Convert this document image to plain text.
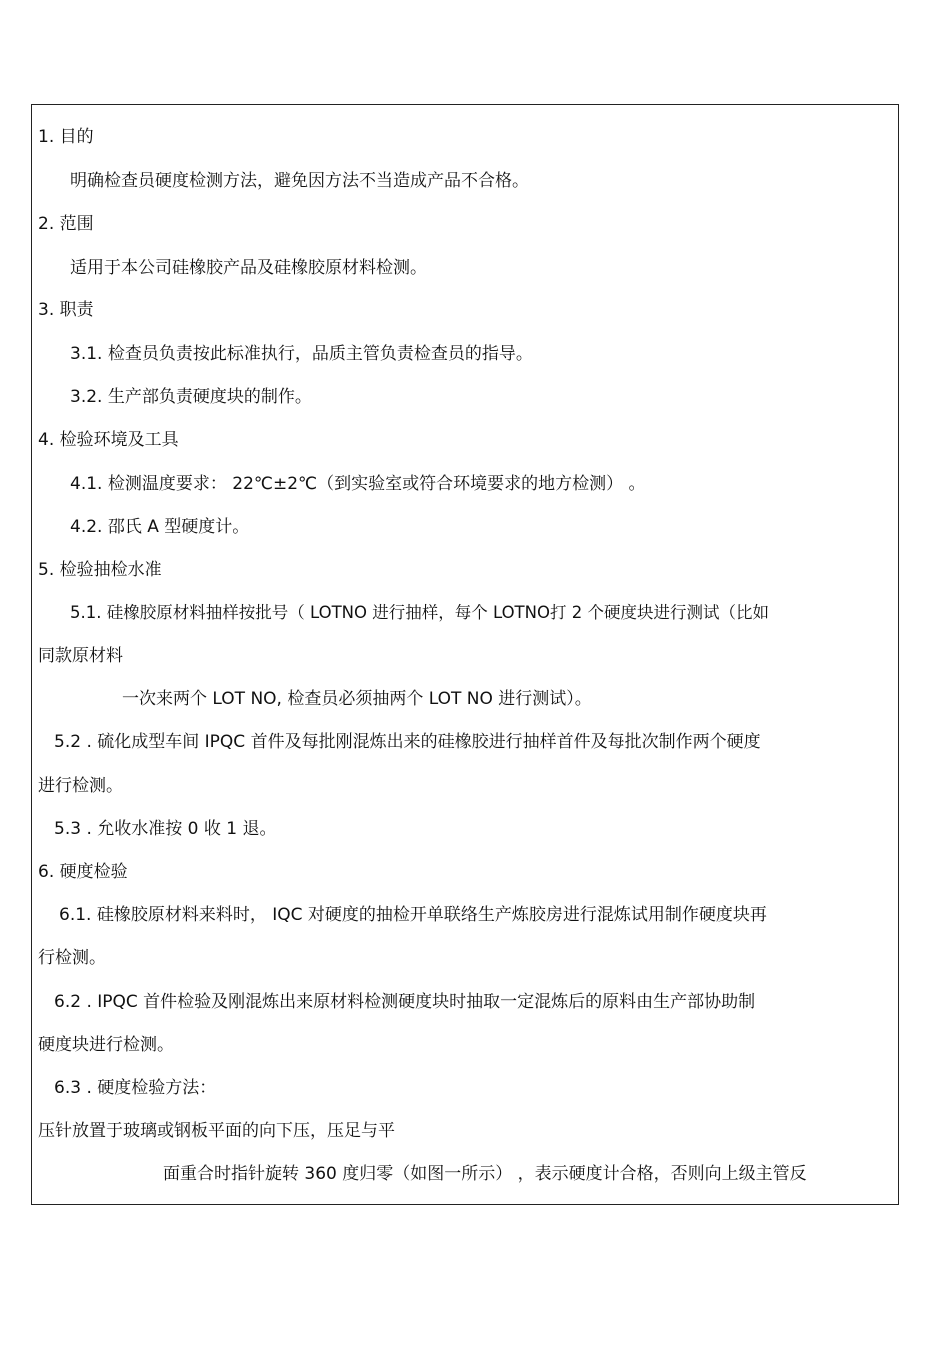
1. 目的
明确检查员硬度检测方法，避免因方法不当造成产品不合格。
2. 范围
适用于本公司硅橡胶产品及硅橡胶原材料检测。
3. 职责
3.1. 检查员负责按此标准执行，品质主管负责检查员的指导。
3.2. 生产部负责硬度块的制作。
4. 检验环境及工具
4.1. 检测温度要求： 22℃±2℃（到实验室或符合环境要求的地方检测） 。
4.2. 邵氏 A 型硬度计。
5. 检验抽检水准
5.1. 硅橡胶原材料抽样按批号（ LOTNO 进行抽样，每个 LOTNO打 2 个硬度块进行测试（比如
同款原材料
一次来两个 LOT NO, 检查员必须抽两个 LOT NO 进行测试）。
5.2 . 硫化成型车间 IPQC 首件及每批刚混炼出来的硅橡胶进行抽样首件及每批次制作两个硬度
进行检测。
5.3 . 允收水准按 0 收 1 退。
6. 硬度检验
6.1. 硅橡胶原材料来料时， IQC 对硬度的抽检开单联络生产炼胶房进行混炼试用制作硬度块再
行检测。
6.2 . IPQC 首件检验及刚混炼出来原材料检测硬度块时抽取一定混炼后的原料由生产部协助制
硬度块进行检测。
6.3 . 硬度检验方法：
压针放置于玻璃或钢板平面的向下压，压足与平
面重合时指针旋转 360 度归零（如图一所示） ，表示硬度计合格，否则向上级主管反
